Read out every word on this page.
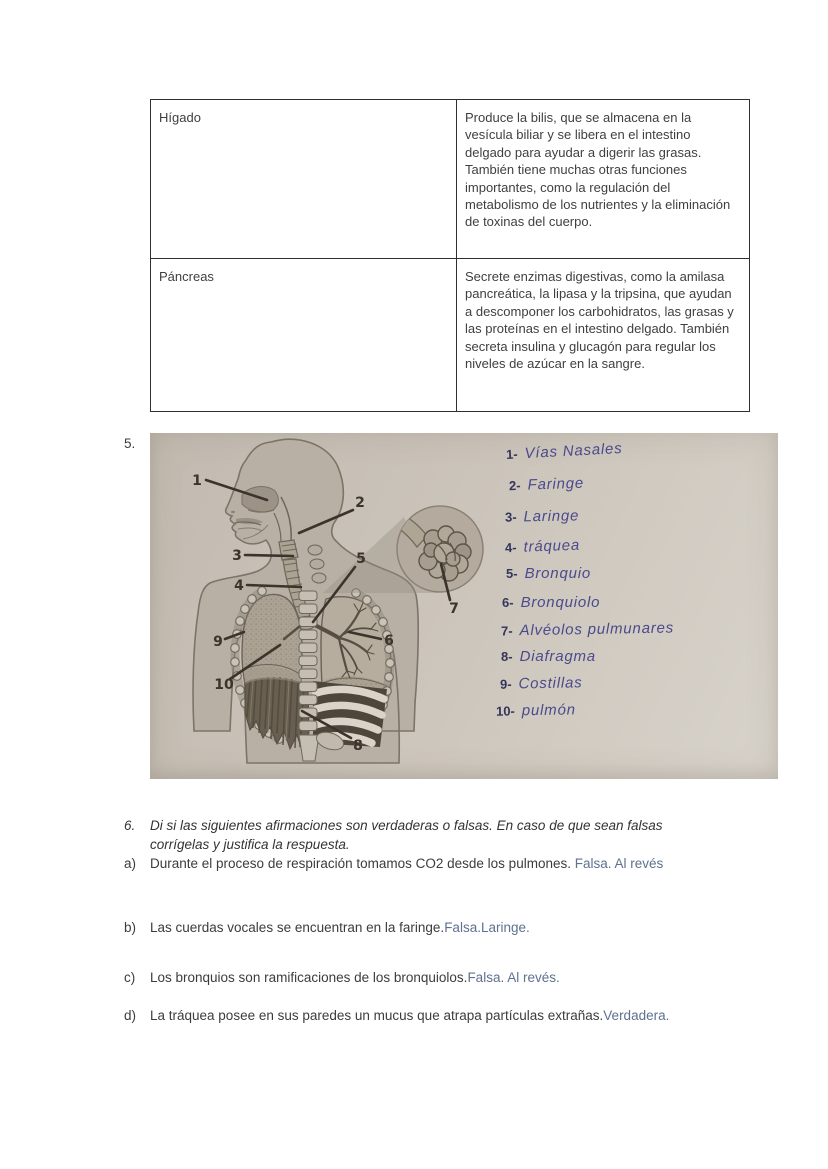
Hígado	Produce la bilis, que se almacena en la vesícula biliar y se libera en el intestino delgado para ayudar a digerir las grasas. También tiene muchas otras funciones importantes, como la regulación del metabolismo de los nutrientes y la eliminación de toxinas del cuerpo.
Páncreas	Secrete enzimas digestivas, como la amilasa pancreática, la lipasa y la tripsina, que ayudan a descomponer los carbohidratos, las grasas y las proteínas en el intestino delgado. También secreta insulina y glucagón para regular los niveles de azúcar en la sangre.
5.
1
2
3
4
5
6
7
8
9
10
1- Vías Nasales
2- Faringe
3- Laringe
4- tráquea
5- Bronquio
6- Bronquiolo
7- Alvéolos pulmunares
8- Diafragma
9- Costillas
10- pulmón
6.	Di si las siguientes afirmaciones son verdaderas o falsas. En caso de que sean falsas corrígelas y justifica la respuesta.
a)	Durante el proceso de respiración tomamos CO2 desde los pulmones. Falsa. Al revés
b)	Las cuerdas vocales se encuentran en la faringe.Falsa.Laringe.
c)	Los bronquios son ramificaciones de los bronquiolos.Falsa. Al revés.
d)	La tráquea posee en sus paredes un mucus que atrapa partículas extrañas.Verdadera.
